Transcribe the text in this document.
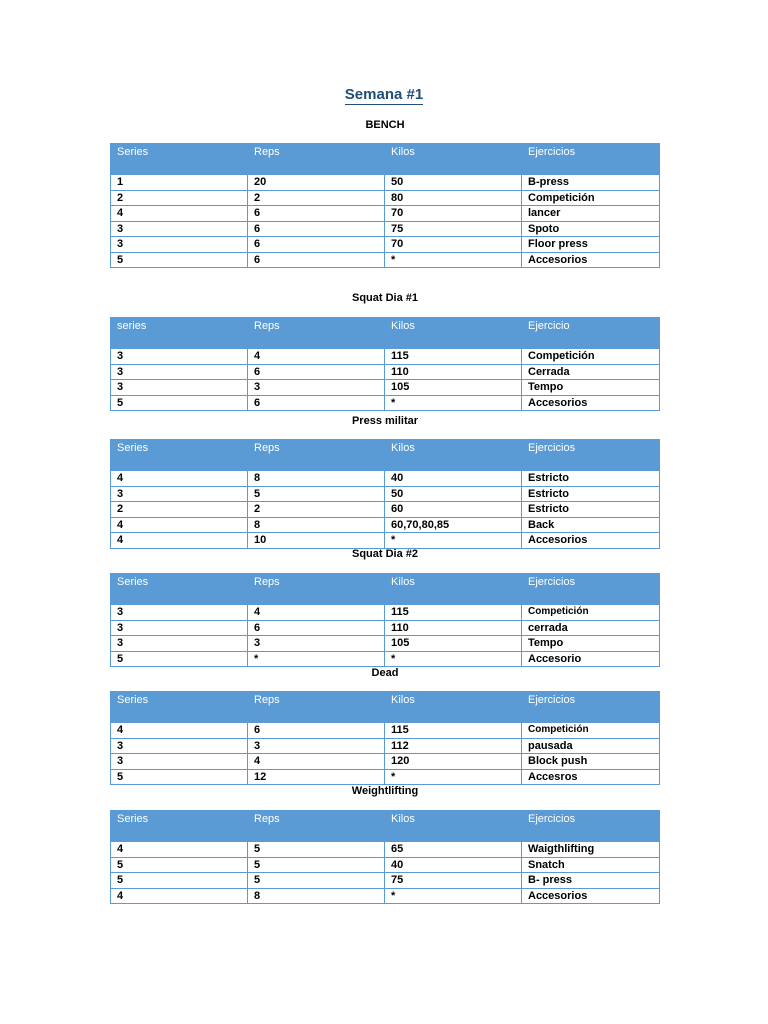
Semana #1
BENCH
Series	Reps	Kilos	Ejercicios
1	20	50	B-press
2	2	80	Competición
4	6	70	lancer
3	6	75	Spoto
3	6	70	Floor press
5	6	*	Accesorios
Squat Dia #1
series	Reps	Kilos	Ejercicio
3	4	115	Competición
3	6	110	Cerrada
3	3	105	Tempo
5	6	*	Accesorios
Press militar
Series	Reps	Kilos	Ejercicios
4	8	40	Estricto
3	5	50	Estricto
2	2	60	Estricto
4	8	60,70,80,85	Back
4	10	*	Accesorios
Squat Dia #2
Series	Reps	Kilos	Ejercicios
3	4	115	Competición
3	6	110	cerrada
3	3	105	Tempo
5	*	*	Accesorio
Dead
Series	Reps	Kilos	Ejercicios
4	6	115	Competición
3	3	112	pausada
3	4	120	Block push
5	12	*	Accesros
Weightlifting
Series	Reps	Kilos	Ejercicios
4	5	65	Waigthlifting
5	5	40	Snatch
5	5	75	B- press
4	8	*	Accesorios
